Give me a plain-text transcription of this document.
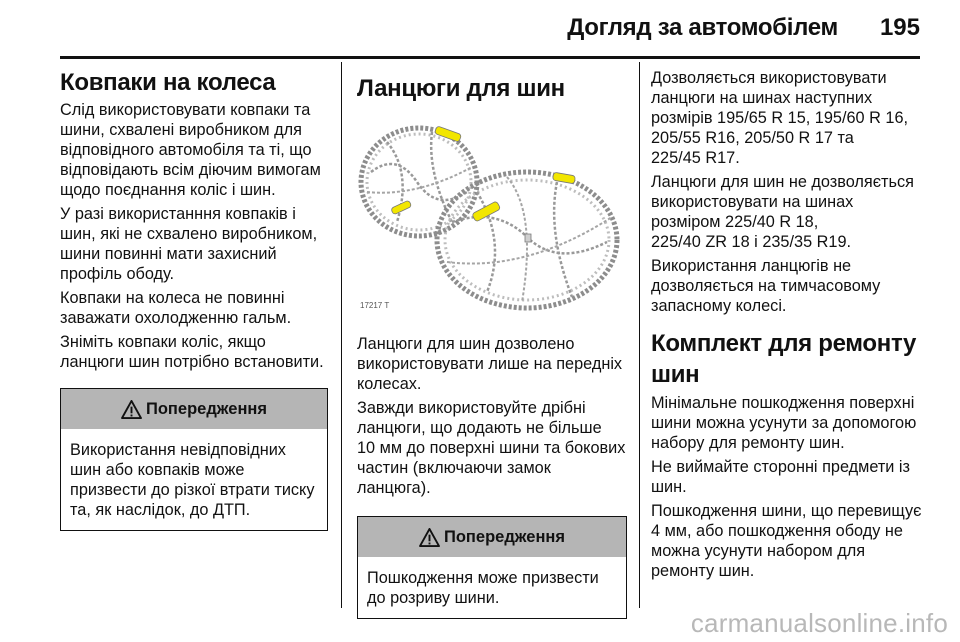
Догляд за автомобілем 195
Ковпаки на колеса

Слід використовувати ковпаки та
шини, схвалені виробником для
відповідного автомобіля та ті, що
відповідають всім діючим вимогам
щодо поєднання коліс і шин.

У разі використанння ковпаків і
шин, які не схвалено виробником,
шини повинні мати захисний
профіль ободу.

Ковпаки на колеса не повинні
заважати охолодженню гальм.

Зніміть ковпаки коліс, якщо
ланцюги шин потрібно встановити.

Попередження
Використання невідповідних
шин або ковпаків може
призвести до різкої втрати тиску
та, як наслідок, до ДТП.
Ланцюги для шин
17217 T

Ланцюги для шин дозволено
використовувати лише на передніх
колесах.

Завжди використовуйте дрібні
ланцюги, що додають не більше
10 мм до поверхні шини та бокових
частин (включаючи замок
ланцюга).

Попередження
Пошкодження може призвести
до розриву шини.

Дозволяється використовувати
ланцюги на шинах наступних
розмірів 195/65 R 15, 195/60 R 16,
205/55 R16, 205/50 R 17 та
225/45 R17.

Ланцюги для шин не дозволяється
використовувати на шинах
розміром 225/40 R 18,
225/40 ZR 18 і 235/35 R19.

Використання ланцюгів не
дозволяється на тимчасовому
запасному колесі.

Комплект для ремонту
шин

Мінімальне пошкодження поверхні
шини можна усунути за допомогою
набору для ремонту шин.

Не виймайте сторонні предмети із
шин.

Пошкодження шини, що перевищує
4 мм, або пошкодження ободу не
можна усунути набором для
ремонту шин.

carmanualsonline.info
